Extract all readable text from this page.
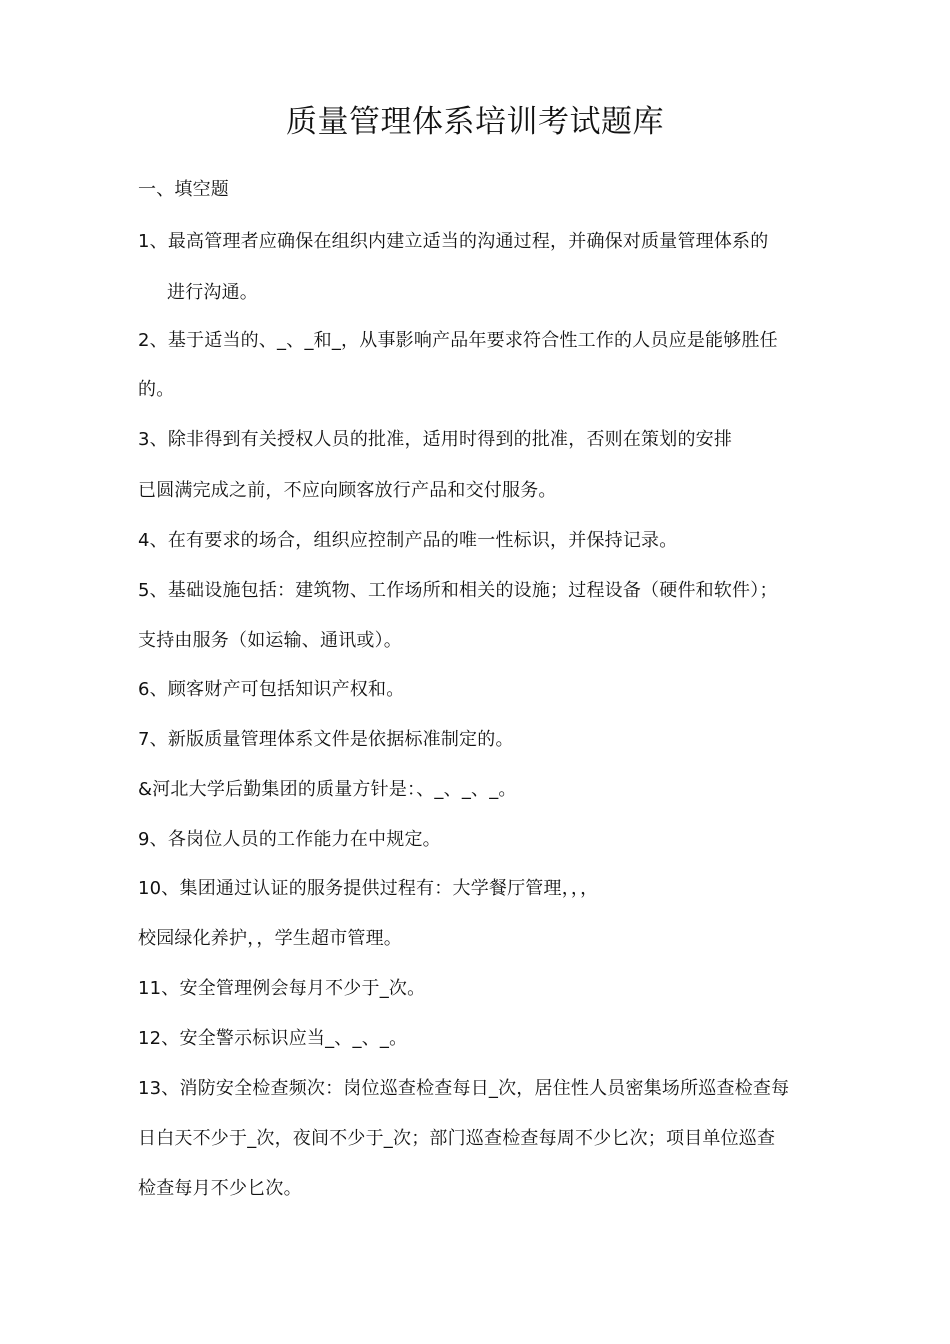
质量管理体系培训考试题库
一、填空题
1、最高管理者应确保在组织内建立适当的沟通过程，并确保对质量管理体系的
进行沟通。
2、基于适当的、_、_和_，从事影响产品年要求符合性工作的人员应是能够胜任
的。
3、除非得到有关授权人员的批准，适用时得到的批准，否则在策划的安排
已圆满完成之前，不应向顾客放行产品和交付服务。
4、在有要求的场合，组织应控制产品的唯一性标识，并保持记录。
5、基础设施包括：建筑物、工作场所和相关的设施；过程设备（硬件和软件）；
支持由服务（如运输、通讯或）。
6、顾客财产可包括知识产权和。
7、新版质量管理体系文件是依据标准制定的。
&河北大学后勤集团的质量方针是：、_、_、_。
9、各岗位人员的工作能力在中规定。
10、集团通过认证的服务提供过程有：大学餐厅管理，，，
校园绿化养护，，学生超市管理。
11、安全管理例会每月不少于_次。
12、安全警示标识应当_、_、_。
13、消防安全检查频次：岗位巡查检查每日_次，居住性人员密集场所巡查检查每
日白天不少于_次，夜间不少于_次；部门巡查检查每周不少匕次；项目单位巡查
检查每月不少匕次。
